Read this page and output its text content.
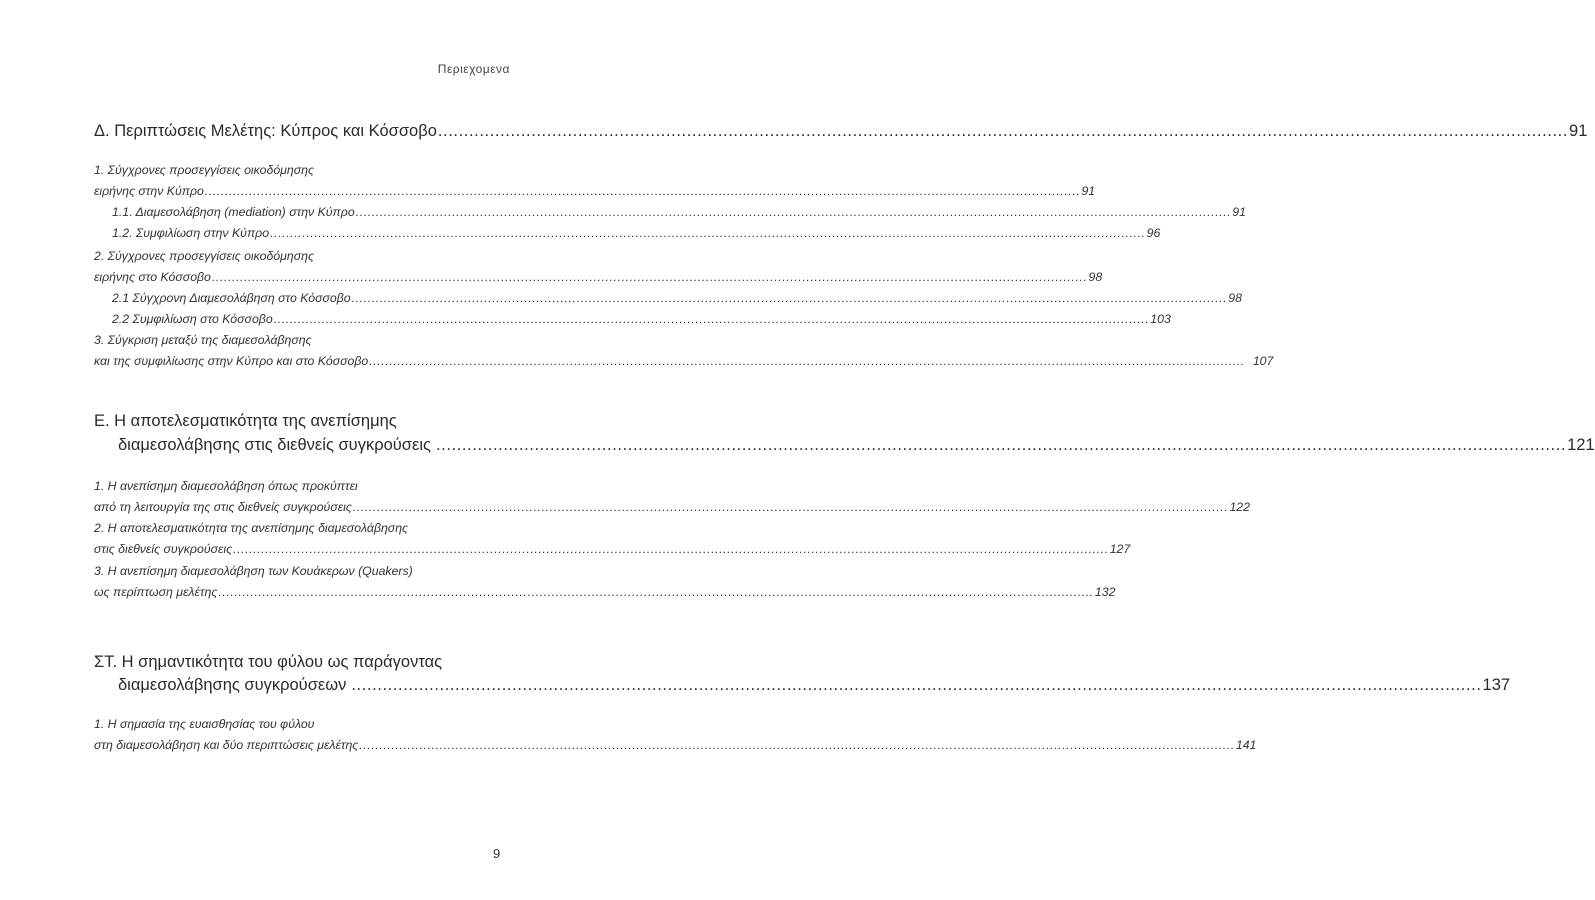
Περιεχομενα
Δ. Περιπτώσεις Μελέτης: Κύπρος και Κόσσοβο .......................................................................................................................................................................................................................... 91
1. Σύγχρονες προσεγγίσεις οικοδόμησης
ειρήνης στην Κύπρο .......................................................................................................................................................................................................................... 91
1.1. Διαμεσολάβηση (mediation) στην Κύπρο .......................................................................................................................................................................................................................... 91
1.2. Συμφιλίωση στην Κύπρο .......................................................................................................................................................................................................................... 96
2. Σύγχρονες προσεγγίσεις οικοδόμησης
ειρήνης στο Κόσσοβο .......................................................................................................................................................................................................................... 98
2.1 Σύγχρονη Διαμεσολάβηση στο Κόσσοβο .......................................................................................................................................................................................................................... 98
2.2 Συμφιλίωση στο Κόσσοβο .......................................................................................................................................................................................................................... 103
3. Σύγκριση μεταξύ της διαμεσολάβησης
και της συμφιλίωσης στην Κύπρο και στο Κόσσοβο .......................................................................................................................................................................................................................... 107
Ε. Η αποτελεσματικότητα της ανεπίσημης
διαμεσολάβησης στις διεθνείς συγκρούσεις .......................................................................................................................................................................................................................... 121
1. Η ανεπίσημη διαμεσολάβηση όπως προκύπτει
από τη λειτουργία της στις διεθνείς συγκρούσεις .......................................................................................................................................................................................................................... 122
2. Η αποτελεσματικότητα της ανεπίσημης διαμεσολάβησης
στις διεθνείς συγκρούσεις .......................................................................................................................................................................................................................... 127
3. Η ανεπίσημη διαμεσολάβηση των Κουάκερων (Quakers)
ως περίπτωση μελέτης .......................................................................................................................................................................................................................... 132
ΣΤ. Η σημαντικότητα του φύλου ως παράγοντας
διαμεσολάβησης συγκρούσεων .......................................................................................................................................................................................................................... 137
1. Η σημασία της ευαισθησίας του φύλου
στη διαμεσολάβηση και δύο περιπτώσεις μελέτης .......................................................................................................................................................................................................................... 141
9
